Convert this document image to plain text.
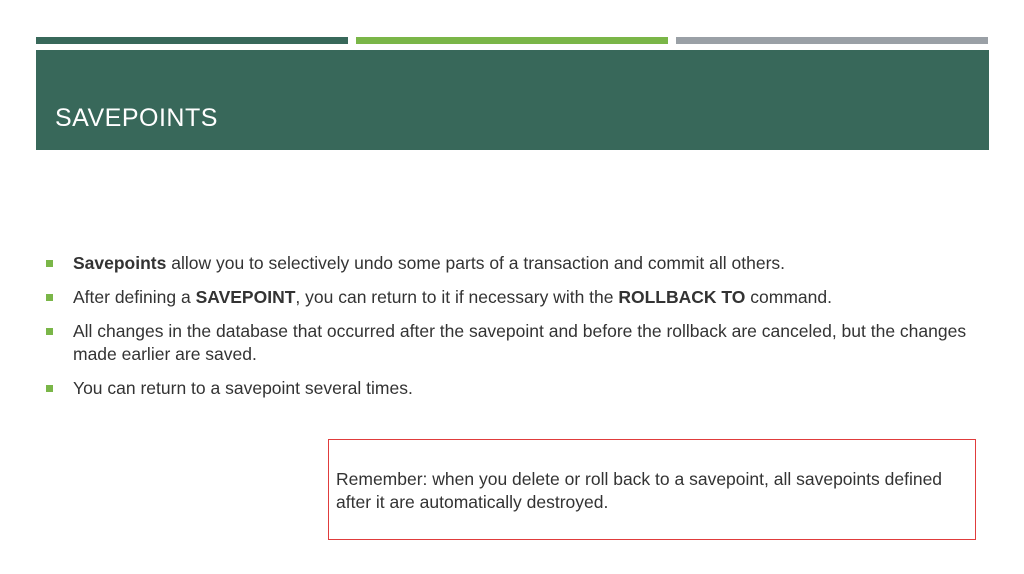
SAVEPOINTS
Savepoints allow you to selectively undo some parts of a transaction and commit all others.
After defining a SAVEPOINT, you can return to it if necessary with the ROLLBACK TO command.
All changes in the database that occurred after the savepoint and before the rollback are canceled, but the changes made earlier are saved.
You can return to a savepoint several times.
Remember: when you delete or roll back to a savepoint, all savepoints defined after it are automatically destroyed.
